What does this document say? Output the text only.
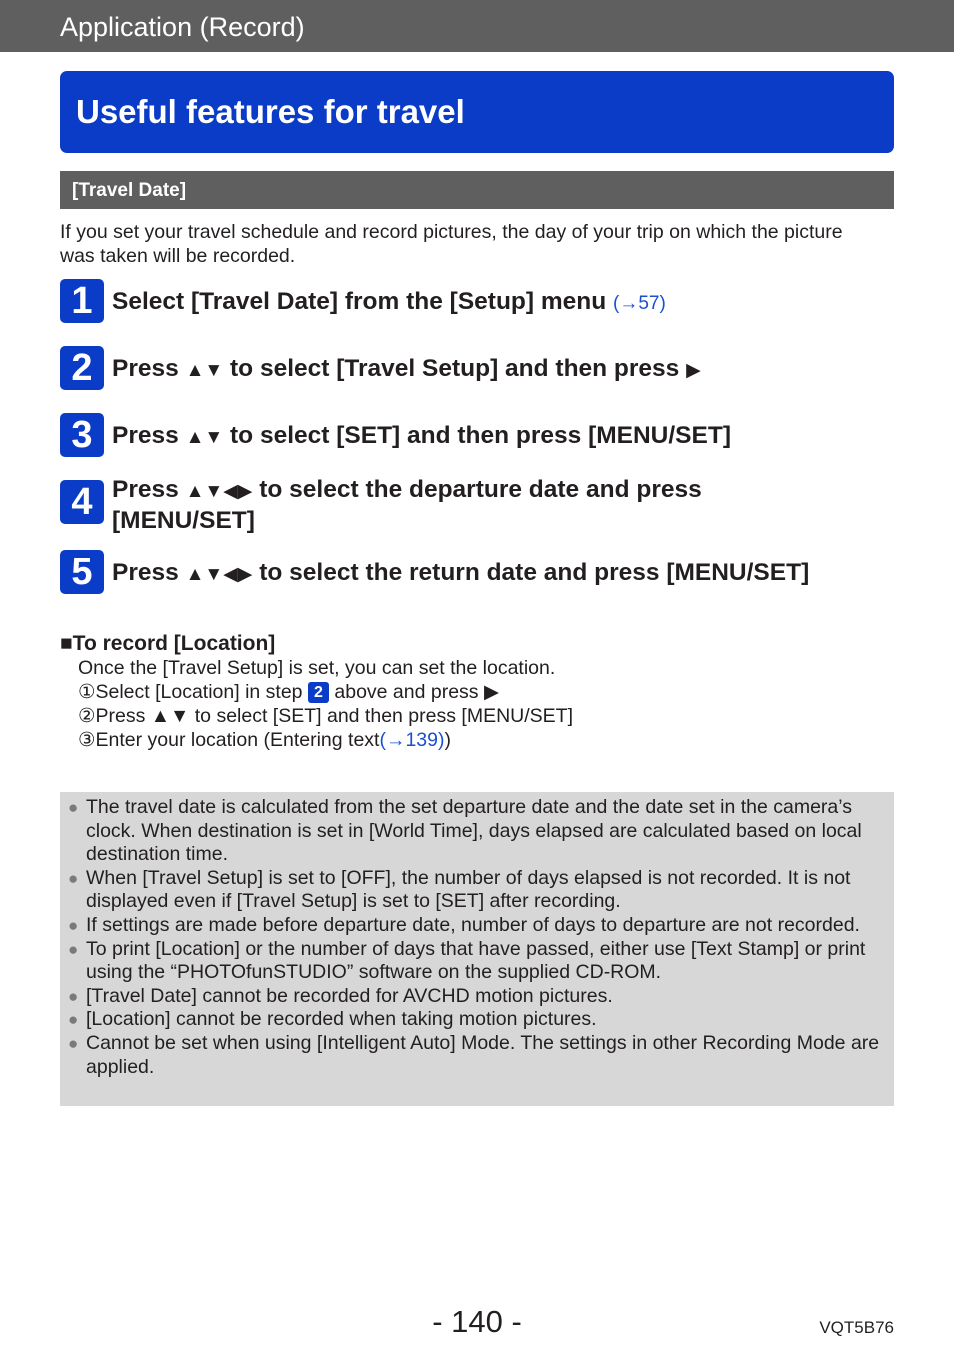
Application (Record)
Useful features for travel
[Travel Date]
If you set your travel schedule and record pictures, the day of your trip on which the picture was taken will be recorded.
1 Select [Travel Date] from the [Setup] menu (→57)
2 Press ▲▼ to select [Travel Setup] and then press ▶
3 Press ▲▼ to select [SET] and then press [MENU/SET]
4 Press ▲▼◀▶ to select the departure date and press [MENU/SET]
5 Press ▲▼◀▶ to select the return date and press [MENU/SET]
■To record [Location]
Once the [Travel Setup] is set, you can set the location.
①Select [Location] in step 2 above and press ▶
②Press ▲▼ to select [SET] and then press [MENU/SET]
③Enter your location (Entering text(→139))
● The travel date is calculated from the set departure date and the date set in the camera’s clock. When destination is set in [World Time], days elapsed are calculated based on local destination time.
● When [Travel Setup] is set to [OFF], the number of days elapsed is not recorded. It is not displayed even if [Travel Setup] is set to [SET] after recording.
● If settings are made before departure date, number of days to departure are not recorded.
● To print [Location] or the number of days that have passed, either use [Text Stamp] or print using the “PHOTOfunSTUDIO” software on the supplied CD-ROM.
● [Travel Date] cannot be recorded for AVCHD motion pictures.
● [Location] cannot be recorded when taking motion pictures.
● Cannot be set when using [Intelligent Auto] Mode. The settings in other Recording Mode are applied.
- 140 -	VQT5B76
